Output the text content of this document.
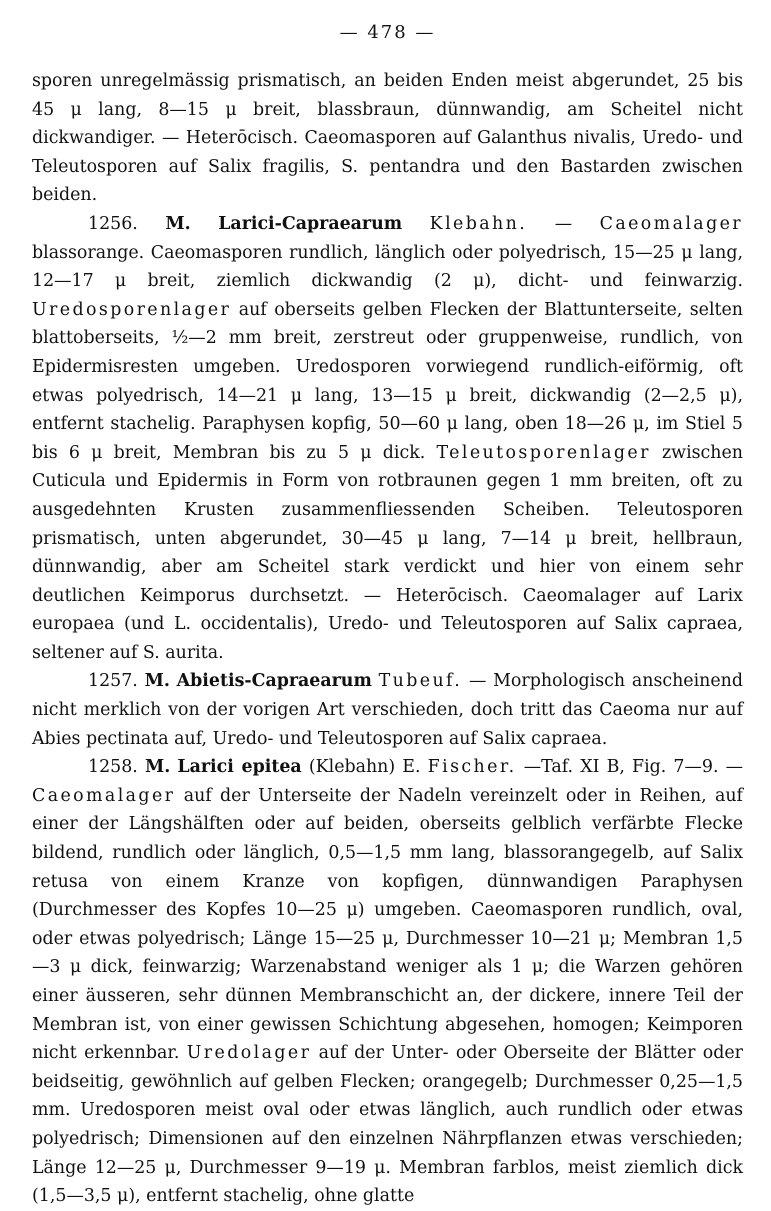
— 478 —

sporen unregelmässig prismatisch, an beiden Enden meist abgerundet, 25 bis 45 μ lang, 8—15 μ breit, blassbraun, dünnwandig, am Scheitel nicht dickwandiger. — Heterōcisch. Caeomasporen auf Galanthus nivalis, Uredo- und Teleutosporen auf Salix fragilis, S. pentandra und den Bastarden zwischen beiden.

1256. M. Larici-Capraearum Klebahn. — Caeomalager blassorange. Caeomasporen rundlich, länglich oder polyedrisch, 15—25 μ lang, 12—17 μ breit, ziemlich dickwandig (2 μ), dicht- und feinwarzig. Uredosporenlager auf oberseits gelben Flecken der Blattunterseite, selten blattoberseits, ½—2 mm breit, zerstreut oder gruppenweise, rundlich, von Epidermisresten umgeben. Uredosporen vorwiegend rundlich-eiförmig, oft etwas polyedrisch, 14—21 μ lang, 13—15 μ breit, dickwandig (2—2,5 μ), entfernt stachelig. Paraphysen kopfig, 50—60 μ lang, oben 18—26 μ, im Stiel 5 bis 6 μ breit, Membran bis zu 5 μ dick. Teleutosporenlager zwischen Cuticula und Epidermis in Form von rotbraunen gegen 1 mm breiten, oft zu ausgedehnten Krusten zusammenfliessenden Scheiben. Teleutosporen prismatisch, unten abgerundet, 30—45 μ lang, 7—14 μ breit, hellbraun, dünnwandig, aber am Scheitel stark verdickt und hier von einem sehr deutlichen Keimporus durchsetzt. — Heterōcisch. Caeomalager auf Larix europaea (und L. occidentalis), Uredo- und Teleutosporen auf Salix capraea, seltener auf S. aurita.

1257. M. Abietis-Capraearum Tubeuf. — Morphologisch anscheinend nicht merklich von der vorigen Art verschieden, doch tritt das Caeoma nur auf Abies pectinata auf, Uredo- und Teleutosporen auf Salix capraea.

1258. M. Larici epitea (Klebahn) E. Fischer. —Taf. XI B, Fig. 7—9. — Caeomalager auf der Unterseite der Nadeln vereinzelt oder in Reihen, auf einer der Längshälften oder auf beiden, oberseits gelblich verfärbte Flecke bildend, rundlich oder länglich, 0,5—1,5 mm lang, blassorangegelb, auf Salix retusa von einem Kranze von kopfigen, dünnwandigen Paraphysen (Durchmesser des Kopfes 10—25 μ) umgeben. Caeomasporen rundlich, oval, oder etwas polyedrisch; Länge 15—25 μ, Durchmesser 10—21 μ; Membran 1,5—3 μ dick, feinwarzig; Warzenabstand weniger als 1 μ; die Warzen gehören einer äusseren, sehr dünnen Membranschicht an, der dickere, innere Teil der Membran ist, von einer gewissen Schichtung abgesehen, homogen; Keimporen nicht erkennbar. Uredolager auf der Unter- oder Oberseite der Blätter oder beidseitig, gewöhnlich auf gelben Flecken; orangegelb; Durchmesser 0,25—1,5 mm. Uredosporen meist oval oder etwas länglich, auch rundlich oder etwas polyedrisch; Dimensionen auf den einzelnen Nährpflanzen etwas verschieden; Länge 12—25 μ, Durchmesser 9—19 μ. Membran farblos, meist ziemlich dick (1,5—3,5 μ), entfernt stachelig, ohne glatte
